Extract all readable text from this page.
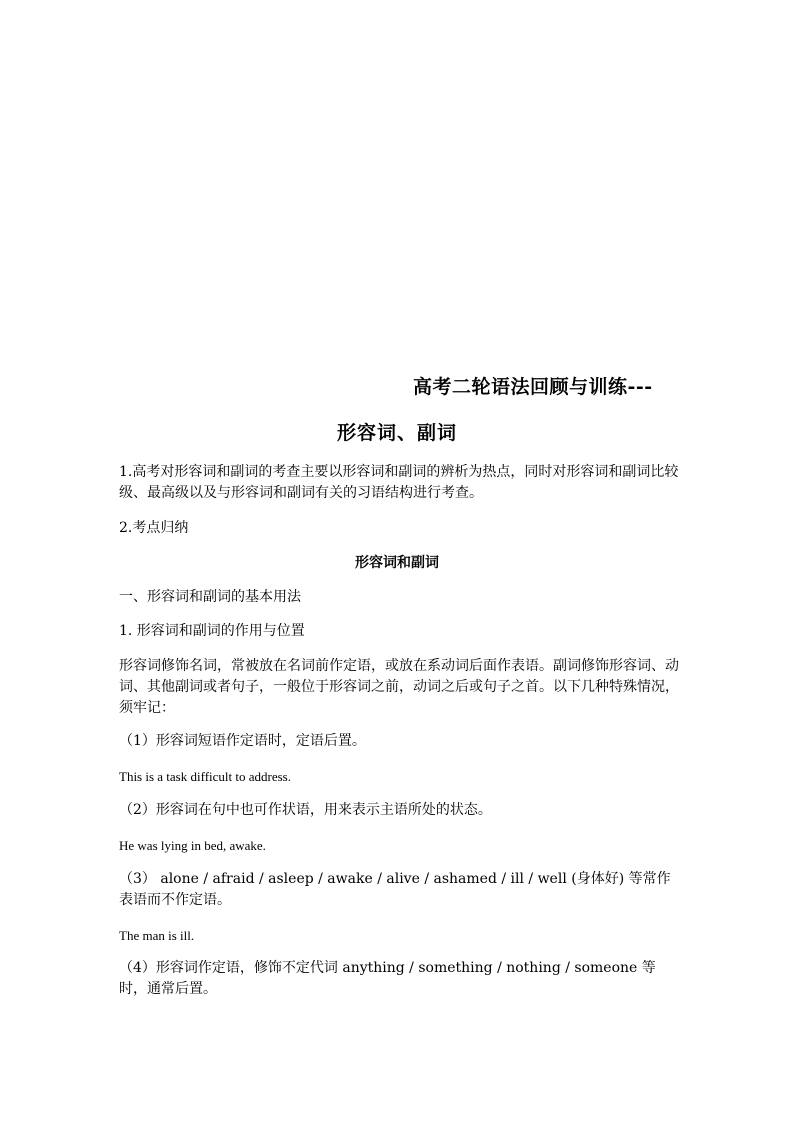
高考二轮语法回顾与训练---
形容词、副词
1.高考对形容词和副词的考查主要以形容词和副词的辨析为热点，同时对形容词和副词比较级、最高级以及与形容词和副词有关的习语结构进行考查。
2.考点归纳
形容词和副词
一、形容词和副词的基本用法
1. 形容词和副词的作用与位置
形容词修饰名词，常被放在名词前作定语，或放在系动词后面作表语。副词修饰形容词、动词、其他副词或者句子，一般位于形容词之前，动词之后或句子之首。以下几种特殊情况，须牢记：
（1）形容词短语作定语时，定语后置。
This is a task difficult to address.
（2）形容词在句中也可作状语，用来表示主语所处的状态。
He was lying in bed, awake.
（3） alone / afraid / asleep / awake / alive / ashamed / ill / well (身体好) 等常作表语而不作定语。
The man is ill.
（4）形容词作定语，修饰不定代词 anything / something / nothing / someone 等时，通常后置。
